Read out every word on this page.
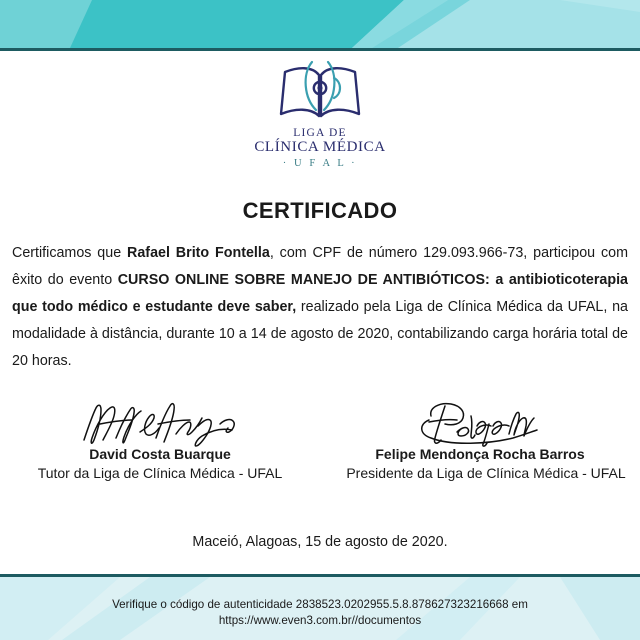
LIGA DE
CLÍNICA MÉDICA
· U F A L ·
CERTIFICADO
Certificamos que Rafael Brito Fontella, com CPF de número 129.093.966-73, participou com êxito do evento CURSO ONLINE SOBRE MANEJO DE ANTIBIÓTICOS: a antibioticoterapia que todo médico e estudante deve saber, realizado pela Liga de Clínica Médica da UFAL, na modalidade à distância, durante 10 a 14 de agosto de 2020, contabilizando carga horária total de 20 horas.
David Costa Buarque
Tutor da Liga de Clínica Médica - UFAL
Felipe Mendonça Rocha Barros
Presidente da Liga de Clínica Médica - UFAL
Maceió, Alagoas, 15 de agosto de 2020.
Verifique o código de autenticidade 2838523.0202955.5.8.878627323216668 em
https://www.even3.com.br//documentos
